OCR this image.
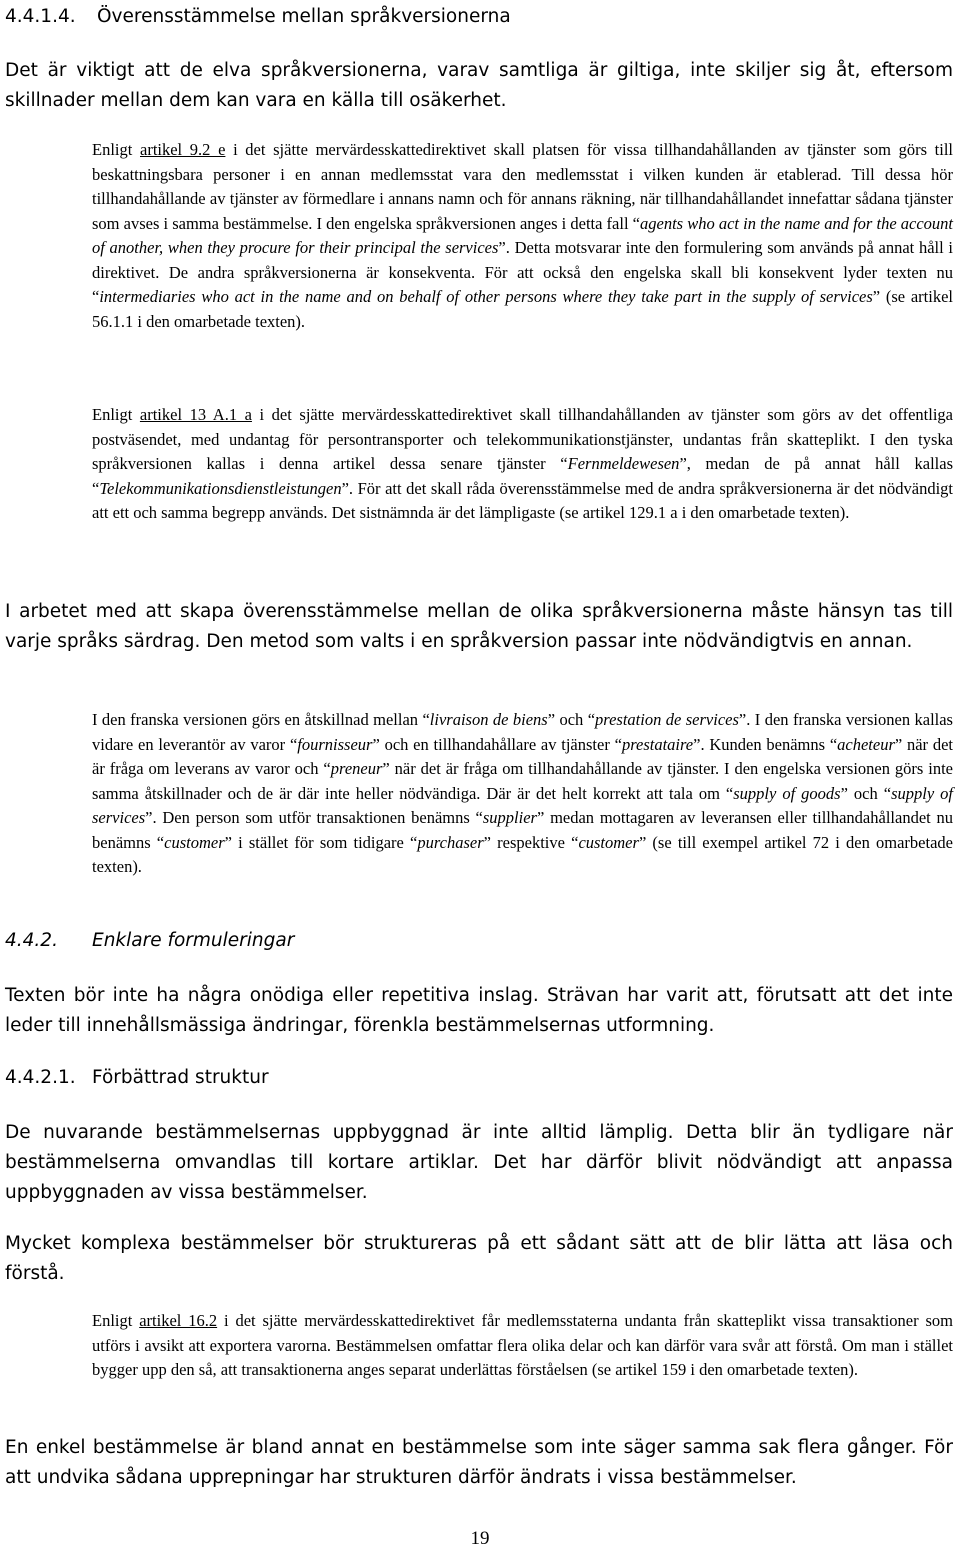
4.4.1.4. Överensstämmelse mellan språkversionerna

Det är viktigt att de elva språkversionerna, varav samtliga är giltiga, inte skiljer sig åt, eftersom skillnader mellan dem kan vara en källa till osäkerhet.

Enligt artikel 9.2 e i det sjätte mervärdesskattedirektivet skall platsen för vissa tillhandahållanden av tjänster som görs till beskattningsbara personer i en annan medlemsstat vara den medlemsstat i vilken kunden är etablerad. Till dessa hör tillhandahållande av tjänster av förmedlare i annans namn och för annans räkning, när tillhandahållandet innefattar sådana tjänster som avses i samma bestämmelse. I den engelska språkversionen anges i detta fall “agents who act in the name and for the account of another, when they procure for their principal the services”. Detta motsvarar inte den formulering som används på annat håll i direktivet. De andra språkversionerna är konsekventa. För att också den engelska skall bli konsekvent lyder texten nu “intermediaries who act in the name and on behalf of other persons where they take part in the supply of services” (se artikel 56.1.1 i den omarbetade texten).

Enligt artikel 13 A.1 a i det sjätte mervärdesskattedirektivet skall tillhandahållanden av tjänster som görs av det offentliga postväsendet, med undantag för persontransporter och telekommunikationstjänster, undantas från skatteplikt. I den tyska språkversionen kallas i denna artikel dessa senare tjänster “Fernmeldewesen”, medan de på annat håll kallas “Telekommunikationsdienstleistungen”. För att det skall råda överensstämmelse med de andra språkversionerna är det nödvändigt att ett och samma begrepp används. Det sistnämnda är det lämpligaste (se artikel 129.1 a i den omarbetade texten).

I arbetet med att skapa överensstämmelse mellan de olika språkversionerna måste hänsyn tas till varje språks särdrag. Den metod som valts i en språkversion passar inte nödvändigtvis en annan.

I den franska versionen görs en åtskillnad mellan “livraison de biens” och “prestation de services”. I den franska versionen kallas vidare en leverantör av varor “fournisseur” och en tillhandahållare av tjänster “prestataire”. Kunden benämns “acheteur” när det är fråga om leverans av varor och “preneur” när det är fråga om tillhandahållande av tjänster. I den engelska versionen görs inte samma åtskillnader och de är där inte heller nödvändiga. Där är det helt korrekt att tala om “supply of goods” och “supply of services”. Den person som utför transaktionen benämns “supplier” medan mottagaren av leveransen eller tillhandahållandet nu benämns “customer” i stället för som tidigare “purchaser” respektive “customer” (se till exempel artikel 72 i den omarbetade texten).

4.4.2. Enklare formuleringar

Texten bör inte ha några onödiga eller repetitiva inslag. Strävan har varit att, förutsatt att det inte leder till innehållsmässiga ändringar, förenkla bestämmelsernas utformning.

4.4.2.1. Förbättrad struktur

De nuvarande bestämmelsernas uppbyggnad är inte alltid lämplig. Detta blir än tydligare när bestämmelserna omvandlas till kortare artiklar. Det har därför blivit nödvändigt att anpassa uppbyggnaden av vissa bestämmelser.

Mycket komplexa bestämmelser bör struktureras på ett sådant sätt att de blir lätta att läsa och förstå.

Enligt artikel 16.2 i det sjätte mervärdesskattedirektivet får medlemsstaterna undanta från skatteplikt vissa transaktioner som utförs i avsikt att exportera varorna. Bestämmelsen omfattar flera olika delar och kan därför vara svår att förstå. Om man i stället bygger upp den så, att transaktionerna anges separat underlättas förståelsen (se artikel 159 i den omarbetade texten).

En enkel bestämmelse är bland annat en bestämmelse som inte säger samma sak flera gånger. För att undvika sådana upprepningar har strukturen därför ändrats i vissa bestämmelser.

19
